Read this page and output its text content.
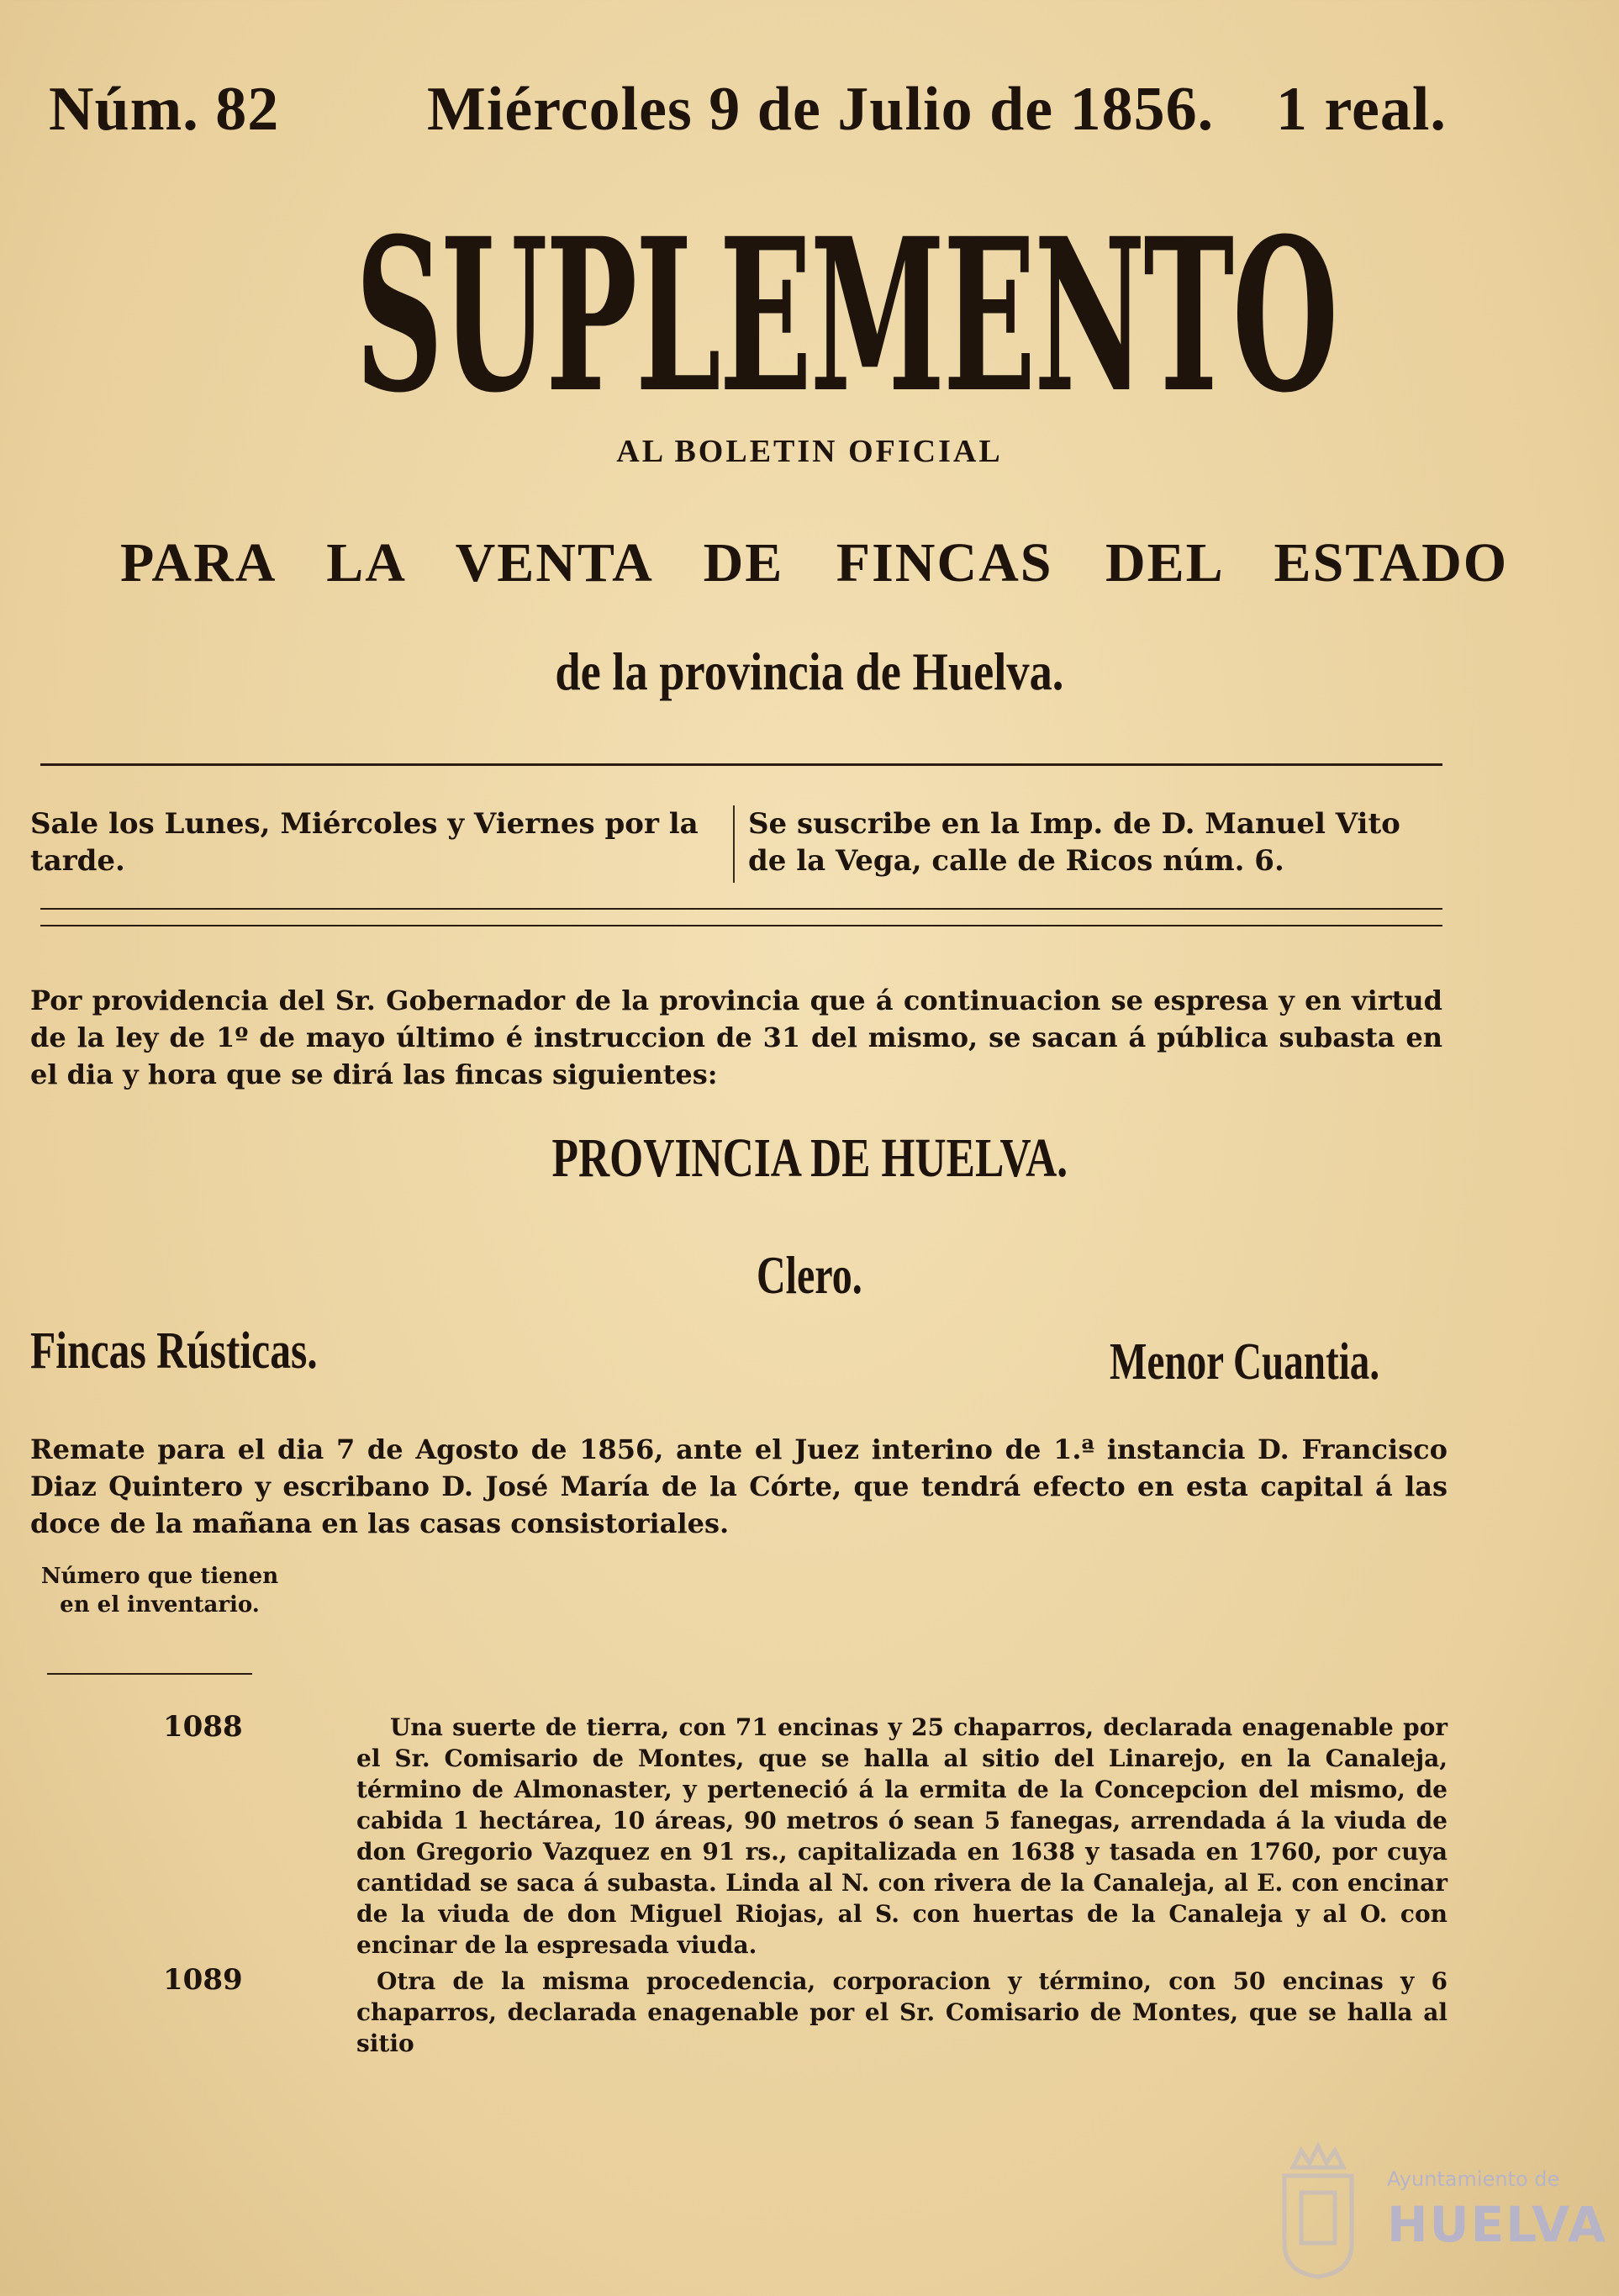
Núm. 82 Miércoles 9 de Julio de 1856. 1 real.
SUPLEMENTO
AL BOLETIN OFICIAL
PARA LA VENTA DE FINCAS DEL ESTADO
de la provincia de Huelva.
Sale los Lunes, Miércoles y Viernes por la tarde.
Se suscribe en la Imp. de D. Manuel Vito de la Vega, calle de Ricos núm. 6.
Por providencia del Sr. Gobernador de la provincia que á continuacion se espresa y en virtud de la ley de 1º de mayo último é instruccion de 31 del mismo, se sacan á pública subasta en el dia y hora que se dirá las fincas siguientes:
PROVINCIA DE HUELVA.
Clero.
Fincas Rústicas.	Menor Cuantia.
Remate para el dia 7 de Agosto de 1856, ante el Juez interino de 1.ª instancia D. Francisco Diaz Quintero y escribano D. José María de la Córte, que tendrá efecto en esta capital á las doce de la mañana en las casas consistoriales.
Número que tienen en el inventario.
1088	Una suerte de tierra, con 71 encinas y 25 chaparros, declarada enagenable por el Sr. Comisario de Montes, que se halla al sitio del Linarejo, en la Canaleja, término de Almonaster, y perteneció á la ermita de la Concepcion del mismo, de cabida 1 hectárea, 10 áreas, 90 metros ó sean 5 fanegas, arrendada á la viuda de don Gregorio Vazquez en 91 rs., capitalizada en 1638 y tasada en 1760, por cuya cantidad se saca á subasta. Linda al N. con rivera de la Canaleja, al E. con encinar de la viuda de don Miguel Riojas, al S. con huertas de la Canaleja y al O. con encinar de la espresada viuda.
1089	Otra de la misma procedencia, corporacion y término, con 50 encinas y 6 chaparros, declarada enagenable por el Sr. Comisario de Montes, que se halla al sitio
Ayuntamiento de
HUELVA
